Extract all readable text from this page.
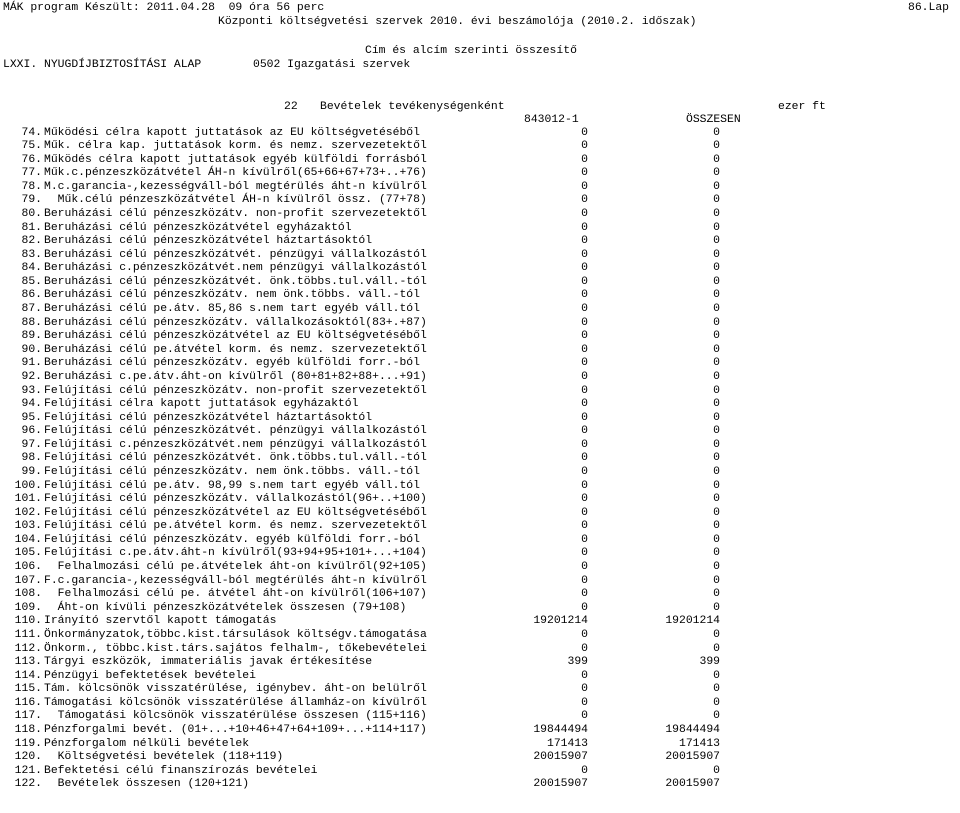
MÁK program Készült: 2011.04.28  09 óra 56 perc	86.Lap
Központi költségvetési szervek 2010. évi beszámolója (2010.2. időszak)
Cím és alcím szerinti összesítő
LXXI. NYUGDÍJBIZTOSÍTÁSI ALAP	0502 Igazgatási szervek
22 Bevételek tevékenységenként	ezer ft
843012-1	ÖSSZESEN
74. Működési célra kapott juttatások az EU költségvetéséből	0	0
75. Műk. célra kap. juttatások korm. és nemz. szervezetektől	0	0
76. Működés célra kapott juttatások egyéb külföldi forrásból	0	0
77. Műk.c.pénzeszközátvétel ÁH-n kívülről(65+66+67+73+..+76)	0	0
78. M.c.garancia-,kezességváll-ból megtérülés áht-n kívülről	0	0
79. Műk.célú pénzeszközátvétel ÁH-n kívülről össz. (77+78)	0	0
80. Beruházási célú pénzeszközátv. non-profit szervezetektől	0	0
81. Beruházási célú pénzeszközátvétel egyházaktól	0	0
82. Beruházási célú pénzeszközátvétel háztartásoktól	0	0
83. Beruházási célú pénzeszközátvét. pénzügyi vállalkozástól	0	0
84. Beruházási c.pénzeszközátvét.nem pénzügyi vállalkozástól	0	0
85. Beruházási célú pénzeszközátvét. önk.többs.tul.váll.-tól	0	0
86. Beruházási célú pénzeszközátv. nem önk.többs. váll.-tól	0	0
87. Beruházási célú pe.átv. 85,86 s.nem tart egyéb váll.tól	0	0
88. Beruházási célú pénzeszközátv. vállalkozásoktól(83+.+87)	0	0
89. Beruházási célú pénzeszközátvétel az EU költségvetéséből	0	0
90. Beruházási célú pe.átvétel korm. és nemz. szervezetektől	0	0
91. Beruházási célú pénzeszközátv. egyéb külföldi forr.-ból	0	0
92. Beruházási c.pe.átv.áht-on kívülről (80+81+82+88+...+91)	0	0
93. Felújítási célú pénzeszközátv. non-profit szervezetektől	0	0
94. Felújítási célra kapott juttatások egyházaktól	0	0
95. Felújítási célú pénzeszközátvétel háztartásoktól	0	0
96. Felújítási célú pénzeszközátvét. pénzügyi vállalkozástól	0	0
97. Felújítási c.pénzeszközátvét.nem pénzügyi vállalkozástól	0	0
98. Felújítási célú pénzeszközátvét. önk.többs.tul.váll.-tól	0	0
99. Felújítási célú pénzeszközátv. nem önk.többs. váll.-tól	0	0
100. Felújítási célú pe.átv. 98,99 s.nem tart egyéb váll.tól	0	0
101. Felújítási célú pénzeszközátv. vállalkozástól(96+..+100)	0	0
102. Felújítási célú pénzeszközátvétel az EU költségvetéséből	0	0
103. Felújítási célú pe.átvétel korm. és nemz. szervezetektől	0	0
104. Felújítási célú pénzeszközátv. egyéb külföldi forr.-ból	0	0
105. Felújítási c.pe.átv.áht-n kívülről(93+94+95+101+...+104)	0	0
106. Felhalmozási célú pe.átvételek áht-on kívülről(92+105)	0	0
107. F.c.garancia-,kezességváll-ból megtérülés áht-n kívülről	0	0
108. Felhalmozási célú pe. átvétel áht-on kívülről(106+107)	0	0
109. Áht-on kívüli pénzeszközátvételek összesen (79+108)	0	0
110. Irányító szervtől kapott támogatás	19201214	19201214
111. Önkormányzatok,többc.kist.társulások költségv.támogatása	0	0
112. Önkorm., többc.kist.társ.sajátos felhalm-, tőkebevételei	0	0
113. Tárgyi eszközök, immateriális javak értékesítése	399	399
114. Pénzügyi befektetések bevételei	0	0
115. Tám. kölcsönök visszatérülése, igénybev. áht-on belülről	0	0
116. Támogatási kölcsönök visszatérülése államház-on kívülről	0	0
117. Támogatási kölcsönök visszatérülése összesen (115+116)	0	0
118. Pénzforgalmi bevét. (01+...+10+46+47+64+109+...+114+117)	19844494	19844494
119. Pénzforgalom nélküli bevételek	171413	171413
120. Költségvetési bevételek (118+119)	20015907	20015907
121. Befektetési célú finanszírozás bevételei	0	0
122. Bevételek összesen (120+121)	20015907	20015907
